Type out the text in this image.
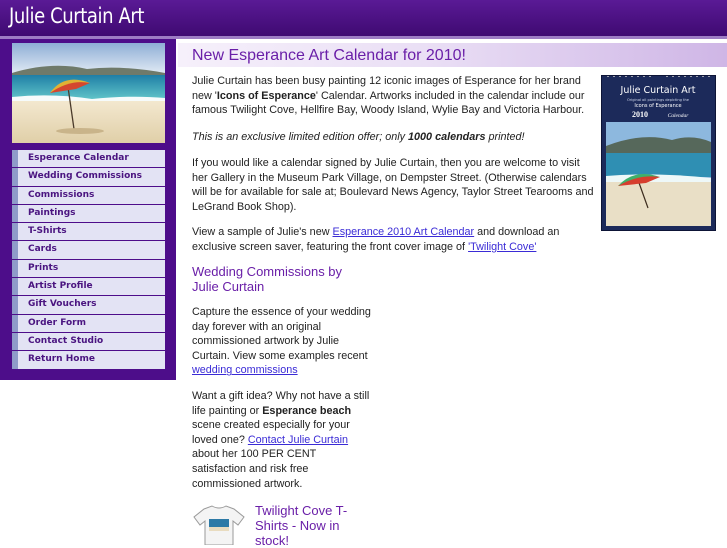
Julie Curtain Art
Esperance Calendar
Wedding Commissions
Commissions
Paintings
T-Shirts
Cards
Prints
Artist Profile
Gift Vouchers
Order Form
Contact Studio
Return Home
New Esperance Art Calendar for 2010!

Julie Curtain has been busy painting 12 iconic images of Esperance for her brand new 'Icons of Esperance' Calendar. Artworks included in the calendar include our famous Twilight Cove, Hellfire Bay, Woody Island, Wylie Bay and Victoria Harbour.

This is an exclusive limited edition offer; only 1000 calendars printed!

If you would like a calendar signed by Julie Curtain, then you are welcome to visit her Gallery in the Museum Park Village, on Dempster Street. (Otherwise calendars will be for available for sale at; Boulevard News Agency, Taylor Street Tearooms and LeGrand Book Shop).

View a sample of Julie's new Esperance 2010 Art Calendar and download an exclusive screen saver, featuring the front cover image of 'Twilight Cove'

Wedding Commissions by Julie Curtain

Capture the essence of your wedding day forever with an original commissioned artwork by Julie Curtain. View some examples recent wedding commissions

Want a gift idea? Why not have a still life painting or Esperance beach scene created especially for your loved one? Contact Julie Curtain about her 100 PER CENT satisfaction and risk free commissioned artwork.

Twilight Cove T-Shirts - Now in stock!
Julie Curtain Art
Original oil paintings depicting the
Icons of Esperance
2010	Calendar
